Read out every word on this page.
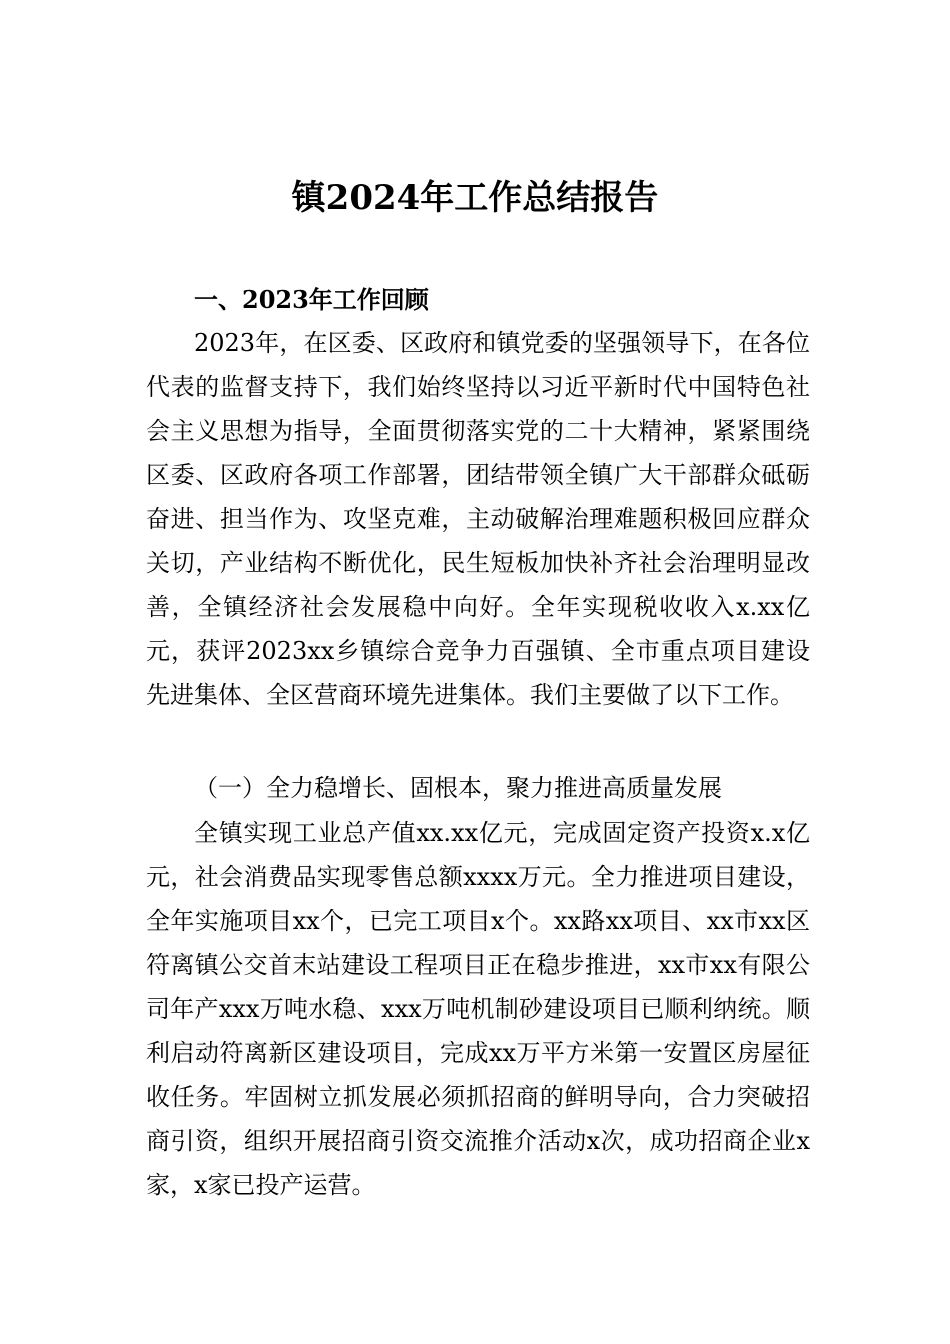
镇2024年工作总结报告
一、2023年工作回顾

2023年，在区委、区政府和镇党委的坚强领导下，在各位代表的监督支持下，我们始终坚持以习近平新时代中国特色社会主义思想为指导，全面贯彻落实党的二十大精神，紧紧围绕区委、区政府各项工作部署，团结带领全镇广大干部群众砥砺奋进、担当作为、攻坚克难，主动破解治理难题积极回应群众关切，产业结构不断优化，民生短板加快补齐社会治理明显改善，全镇经济社会发展稳中向好。全年实现税收收入x.xx亿元，获评2023xx乡镇综合竞争力百强镇、全市重点项目建设先进集体、全区营商环境先进集体。我们主要做了以下工作。

（一）全力稳增长、固根本，聚力推进高质量发展

全镇实现工业总产值xx.xx亿元，完成固定资产投资x.x亿元，社会消费品实现零售总额xxxx万元。全力推进项目建设，全年实施项目xx个，已完工项目x个。xx路xx项目、xx市xx区符离镇公交首末站建设工程项目正在稳步推进，xx市xx有限公司年产xxx万吨水稳、xxx万吨机制砂建设项目已顺利纳统。顺利启动符离新区建设项目，完成xx万平方米第一安置区房屋征收任务。牢固树立抓发展必须抓招商的鲜明导向，合力突破招商引资，组织开展招商引资交流推介活动x次，成功招商企业x家，x家已投产运营。
